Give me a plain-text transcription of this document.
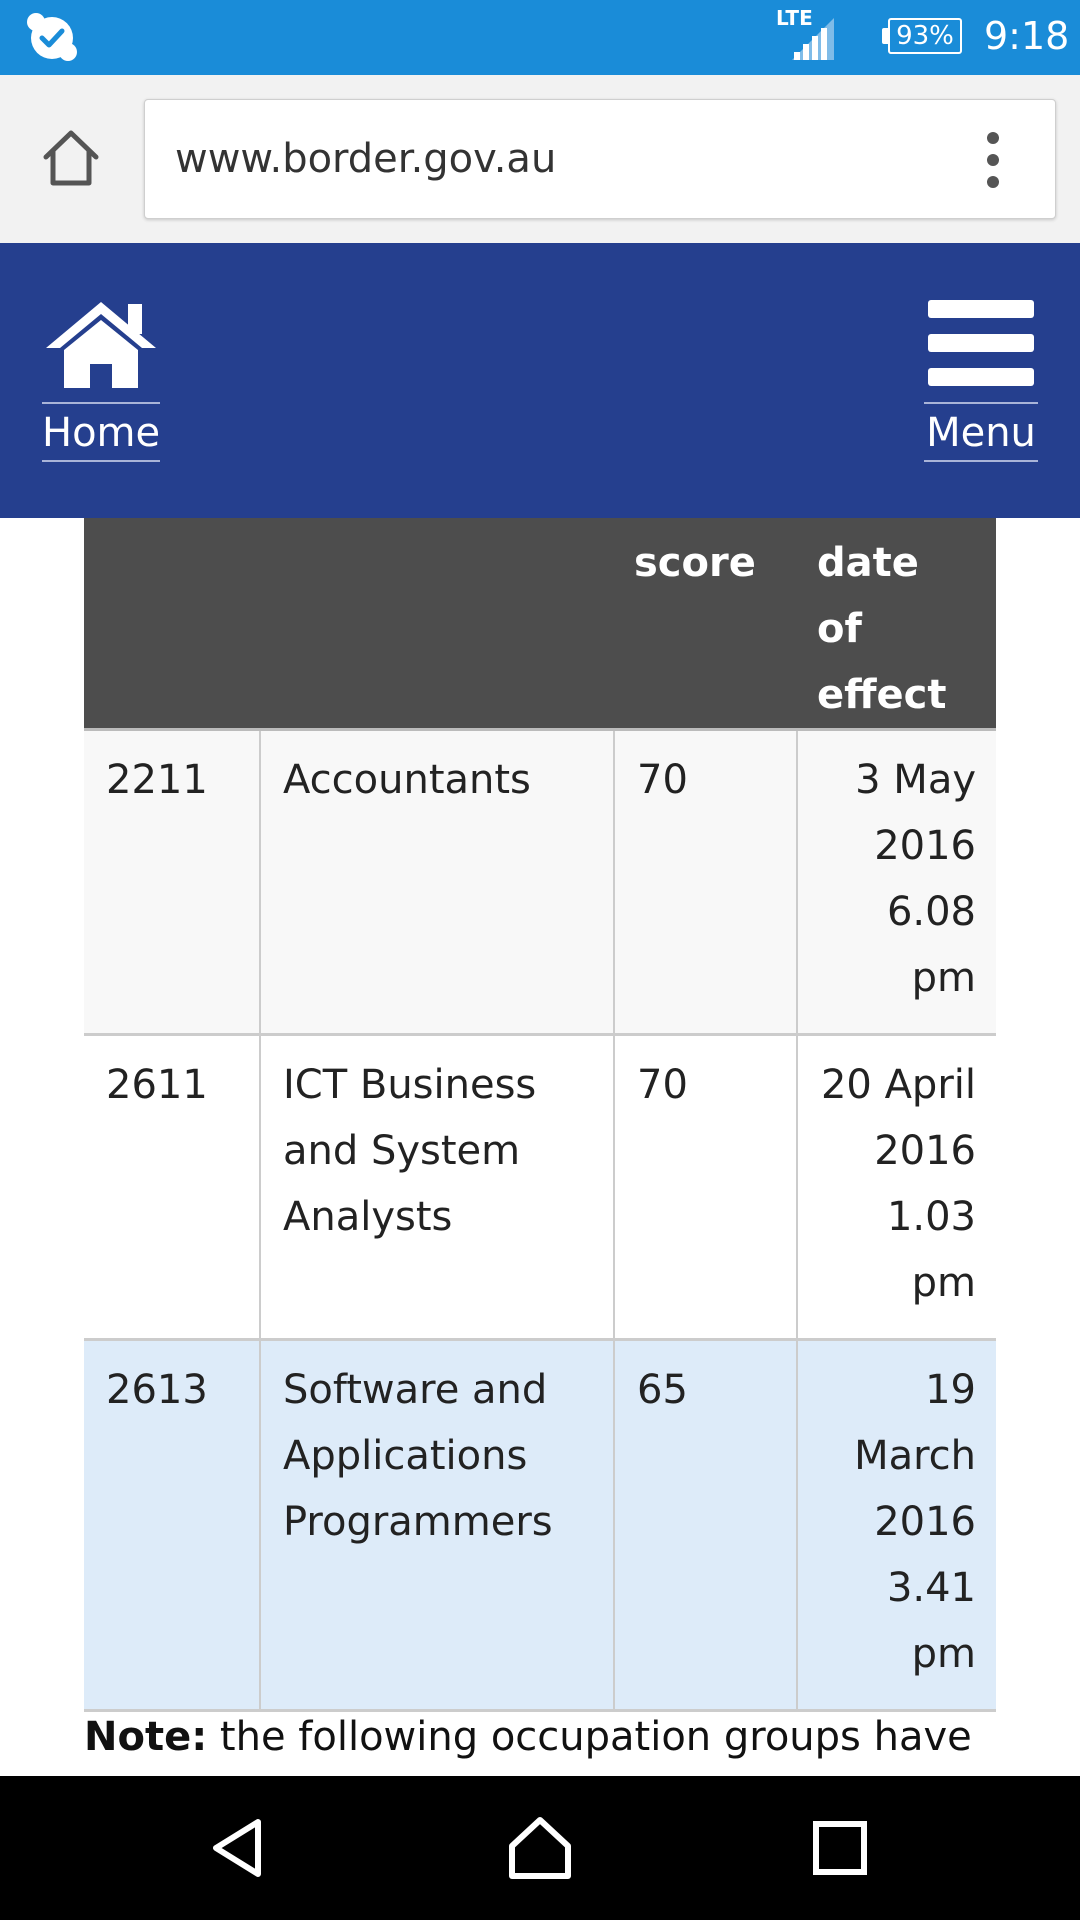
LTE
93% 9:18
www.border.gov.au
Home	Menu
		score	date of effect
2211	Accountants	70	3 May 2016 6.08 pm
2611	ICT Business and System Analysts	70	20 April 2016 1.03 pm
2613	Software and Applications Programmers	65	19 March 2016 3.41 pm
Note: the following occupation groups have
